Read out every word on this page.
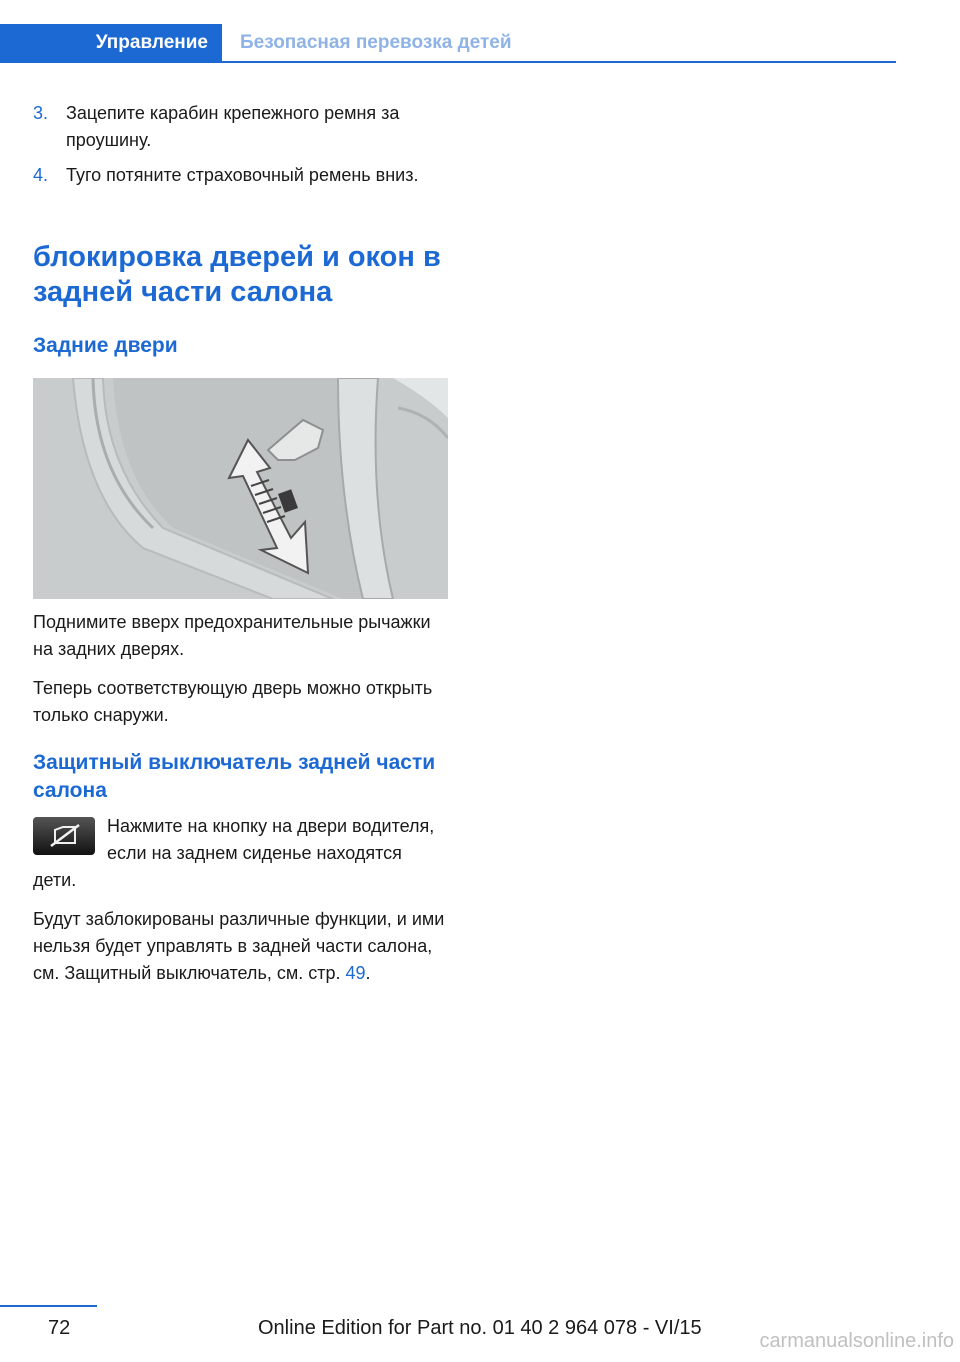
Управление	Безопасная перевозка детей
3. Зацепите карабин крепежного ремня за проушину.
4. Туго потяните страховочный ремень вниз.
блокировка дверей и окон в задней части салона
Задние двери

Поднимите вверх предохранительные рычажки на задних дверях.

Теперь соответствующую дверь можно открыть только снаружи.

Защитный выключатель задней части салона

Нажмите на кнопку на двери водителя, если на заднем сиденье находятся дети.

Будут заблокированы различные функции, и ими нельзя будет управлять в задней части салона, см. Защитный выключатель, см. стр. 49.

72	Online Edition for Part no. 01 40 2 964 078 - VI/15
carmanualsonline.info
